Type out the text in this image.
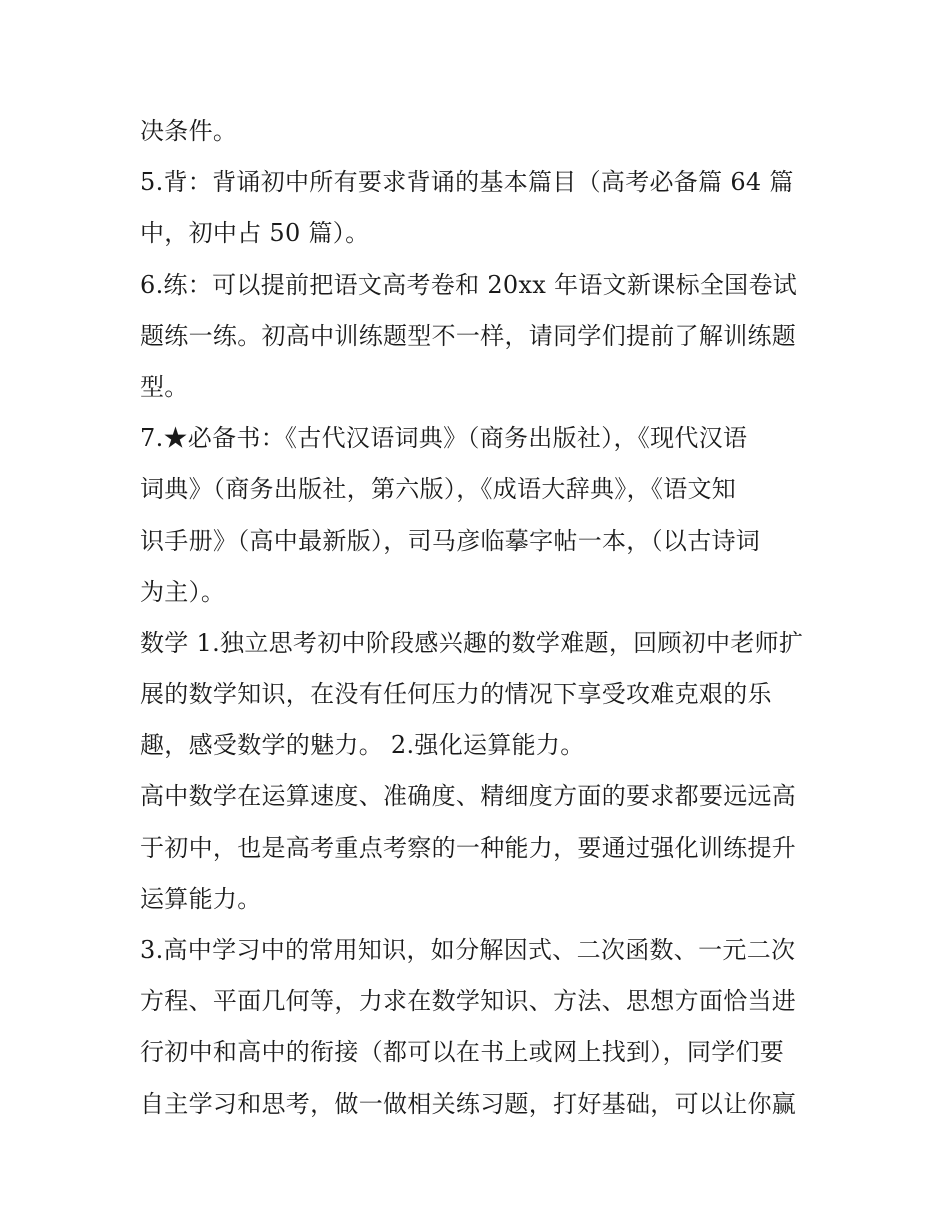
决条件。
5.背：背诵初中所有要求背诵的基本篇目（高考必备篇 64 篇
中，初中占 50 篇）。
6.练：可以提前把语文高考卷和 20xx 年语文新课标全国卷试
题练一练。初高中训练题型不一样，请同学们提前了解训练题
型。
7.★必备书：《古代汉语词典》（商务出版社），《现代汉语
词典》（商务出版社，第六版），《成语大辞典》，《语文知
识手册》（高中最新版），司马彦临摹字帖一本，（以古诗词
为主）。
数学 1.独立思考初中阶段感兴趣的数学难题，回顾初中老师扩
展的数学知识，在没有任何压力的情况下享受攻难克艰的乐
趣，感受数学的魅力。 2.强化运算能力。
高中数学在运算速度、准确度、精细度方面的要求都要远远高
于初中，也是高考重点考察的一种能力，要通过强化训练提升
运算能力。
3.高中学习中的常用知识，如分解因式、二次函数、一元二次
方程、平面几何等，力求在数学知识、方法、思想方面恰当进
行初中和高中的衔接（都可以在书上或网上找到），同学们要
自主学习和思考，做一做相关练习题，打好基础，可以让你赢
